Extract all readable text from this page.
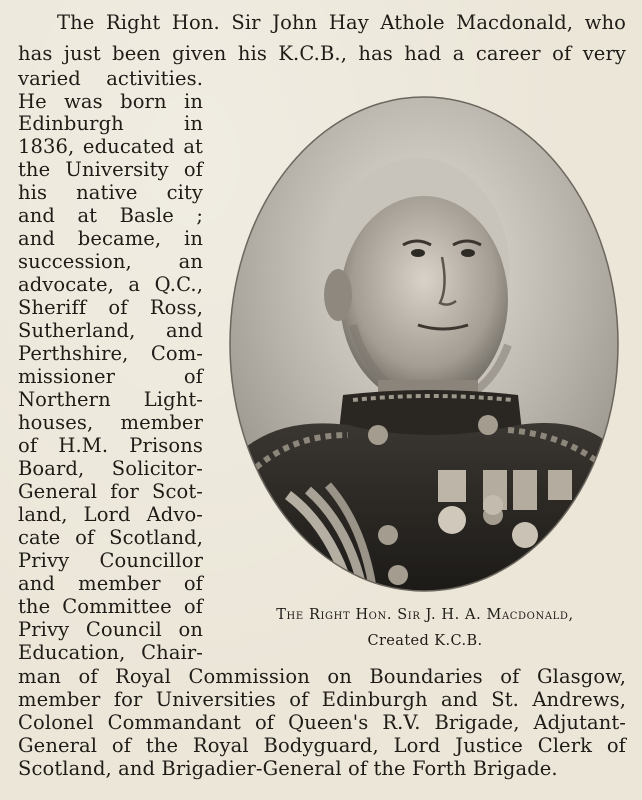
The Right Hon. Sir John Hay Athole Macdonald, who
has just been given his K.C.B., has had a career of very
varied activities.
He was born in
Edinburgh in
1836, educated at
the University of
his native city
and at Basle ;
and became, in
succession, an
advocate, a Q.C.,
Sheriff of Ross,
Sutherland, and
Perthshire, Com-
missioner of
Northern Light-
houses, member
of H.M. Prisons
Board, Solicitor-
General for Scot-
land, Lord Advo-
cate of Scotland,
Privy Councillor
and member of
the Committee of
Privy Council on
Education, Chair-
man of Royal Commission on Boundaries of Glasgow,
member for Universities of Edinburgh and St. Andrews,
Colonel Commandant of Queen's R.V. Brigade, Adjutant-
General of the Royal Bodyguard, Lord Justice Clerk of
Scotland, and Brigadier-General of the Forth Brigade.
The Right Hon. Sir J. H. A. Macdonald,
Created K.C.B.
